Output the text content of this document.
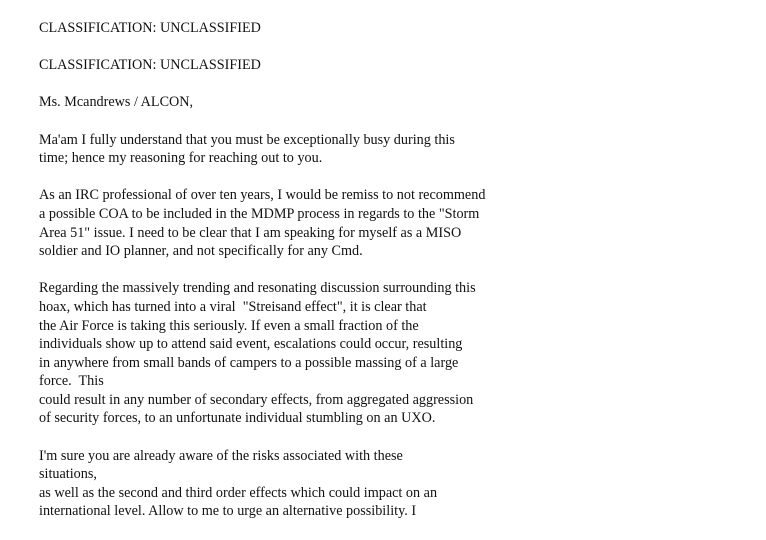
CLASSIFICATION: UNCLASSIFIED

CLASSIFICATION: UNCLASSIFIED

Ms. Mcandrews / ALCON,

Ma'am I fully understand that you must be exceptionally busy during this
time; hence my reasoning for reaching out to you.
As an IRC professional of over ten years, I would be remiss to not recommend
a possible COA to be included in the MDMP process in regards to the "Storm
Area 51" issue. I need to be clear that I am speaking for myself as a MISO
soldier and IO planner, and not specifically for any Cmd.
Regarding the massively trending and resonating discussion surrounding this
hoax, which has turned into a viral  "Streisand effect", it is clear that
the Air Force is taking this seriously. If even a small fraction of the
individuals show up to attend said event, escalations could occur, resulting
in anywhere from small bands of campers to a possible massing of a large
force.  This
could result in any number of secondary effects, from aggregated aggression
of security forces, to an unfortunate individual stumbling on an UXO.
I'm sure you are already aware of the risks associated with these
situations,
as well as the second and third order effects which could impact on an
international level. Allow to me to urge an alternative possibility. I
